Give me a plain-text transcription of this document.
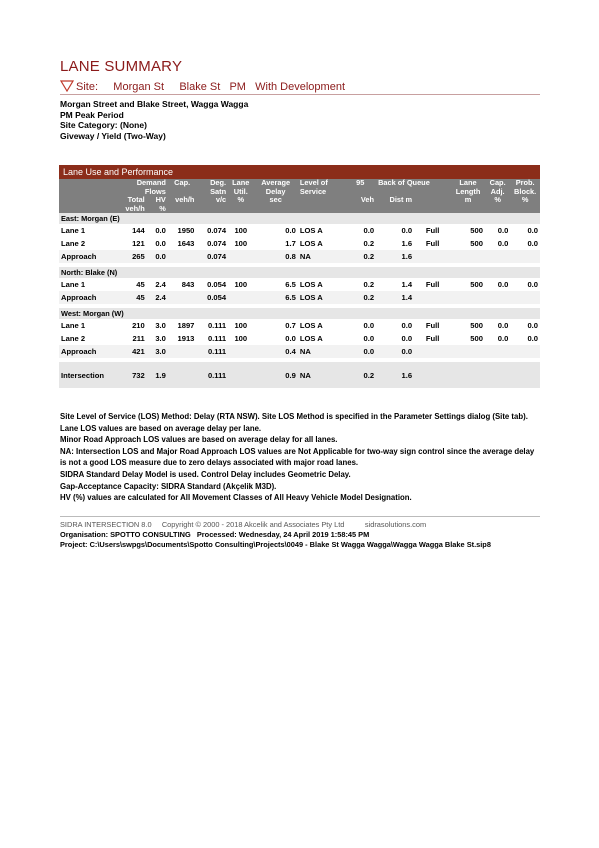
LANE SUMMARY
Site: Morgan St     Blake St   PM   With Development
Morgan Street and Blake Street, Wagga Wagga
PM Peak Period
Site Category: (None)
Giveway / Yield (Two-Way)
Lane Use and Performance
	Demand Flows		Cap.	Deg. Satn	Lane Util.	Average Delay	Level of Service	95	Back of Queue		Lane Length	Cap. Adj.	Prob. Block.
	Total veh/h	HV %	veh/h	v/c	%	sec		Veh	Dist m		m	%	%
East: Morgan (E)													
Lane 1	144	0.0	1950	0.074	100	0.0	LOS A	0.0	0.0	Full	500	0.0	0.0
Lane 2	121	0.0	1643	0.074	100	1.7	LOS A	0.2	1.6	Full	500	0.0	0.0
Approach	265	0.0		0.074		0.8	NA	0.2	1.6				

North: Blake (N)													
Lane 1	45	2.4	843	0.054	100	6.5	LOS A	0.2	1.4	Full	500	0.0	0.0
Approach	45	2.4		0.054		6.5	LOS A	0.2	1.4				

West: Morgan (W)													
Lane 1	210	3.0	1897	0.111	100	0.7	LOS A	0.0	0.0	Full	500	0.0	0.0
Lane 2	211	3.0	1913	0.111	100	0.0	LOS A	0.0	0.0	Full	500	0.0	0.0
Approach	421	3.0		0.111		0.4	NA	0.0	0.0				

Intersection	732	1.9		0.111		0.9	NA	0.2	1.6				
Site Level of Service (LOS) Method: Delay (RTA NSW). Site LOS Method is specified in the Parameter Settings dialog (Site tab).
Lane LOS values are based on average delay per lane.
Minor Road Approach LOS values are based on average delay for all lanes.
NA: Intersection LOS and Major Road Approach LOS values are Not Applicable for two-way sign control since the average delay
is not a good LOS measure due to zero delays associated with major road lanes.
SIDRA Standard Delay Model is used. Control Delay includes Geometric Delay.
Gap-Acceptance Capacity: SIDRA Standard (Akçelik M3D).
HV (%) values are calculated for All Movement Classes of All Heavy Vehicle Model Designation.
SIDRA INTERSECTION 8.0     Copyright © 2000 - 2018 Akcelik and Associates Pty Ltd          sidrasolutions.com
Organisation: SPOTTO CONSULTING   Processed: Wednesday, 24 April 2019 1:58:45 PM
Project: C:\Users\swpgs\Documents\Spotto Consulting\Projects\0049 - Blake St Wagga Wagga\Wagga Wagga Blake St.sip8
